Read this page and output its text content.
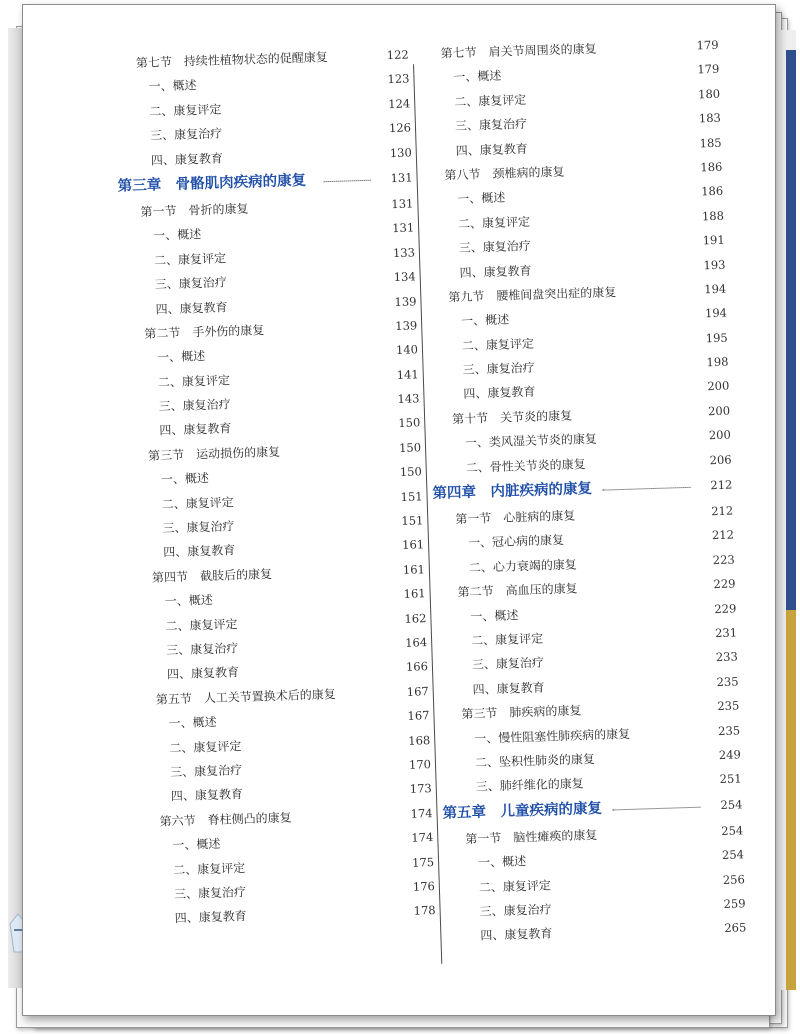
第七节　持续性植物状态的促醒康复	122
一、概述	123
二、康复评定	124
三、康复治疗	126
四、康复教育	130
第三章　骨骼肌肉疾病的康复	131
第一节　骨折的康复	131
一、概述	131
二、康复评定	133
三、康复治疗	134
四、康复教育	139
第二节　手外伤的康复	139
一、概述	140
二、康复评定	141
三、康复治疗	143
四、康复教育	150
第三节　运动损伤的康复	150
一、概述	150
二、康复评定	151
三、康复治疗	151
四、康复教育	161
第四节　截肢后的康复	161
一、概述	161
二、康复评定	162
三、康复治疗	164
四、康复教育	166
第五节　人工关节置换术后的康复	167
一、概述	167
二、康复评定	168
三、康复治疗	170
四、康复教育	173
第六节　脊柱侧凸的康复	174
一、概述	174
二、康复评定	175
三、康复治疗	176
四、康复教育	178
第七节　肩关节周围炎的康复	179
一、概述	179
二、康复评定	180
三、康复治疗	183
四、康复教育	185
第八节　颈椎病的康复	186
一、概述	186
二、康复评定	188
三、康复治疗	191
四、康复教育	193
第九节　腰椎间盘突出症的康复	194
一、概述	194
二、康复评定	195
三、康复治疗	198
四、康复教育	200
第十节　关节炎的康复	200
一、类风湿关节炎的康复	200
二、骨性关节炎的康复	206
第四章　内脏疾病的康复	212
第一节　心脏病的康复	212
一、冠心病的康复	212
二、心力衰竭的康复	223
第二节　高血压的康复	229
一、概述	229
二、康复评定	231
三、康复治疗	233
四、康复教育	235
第三节　肺疾病的康复	235
一、慢性阻塞性肺疾病的康复	235
二、坠积性肺炎的康复	249
三、肺纤维化的康复	251
第五章　儿童疾病的康复	254
第一节　脑性瘫痪的康复	254
一、概述	254
二、康复评定	256
三、康复治疗	259
四、康复教育	265
